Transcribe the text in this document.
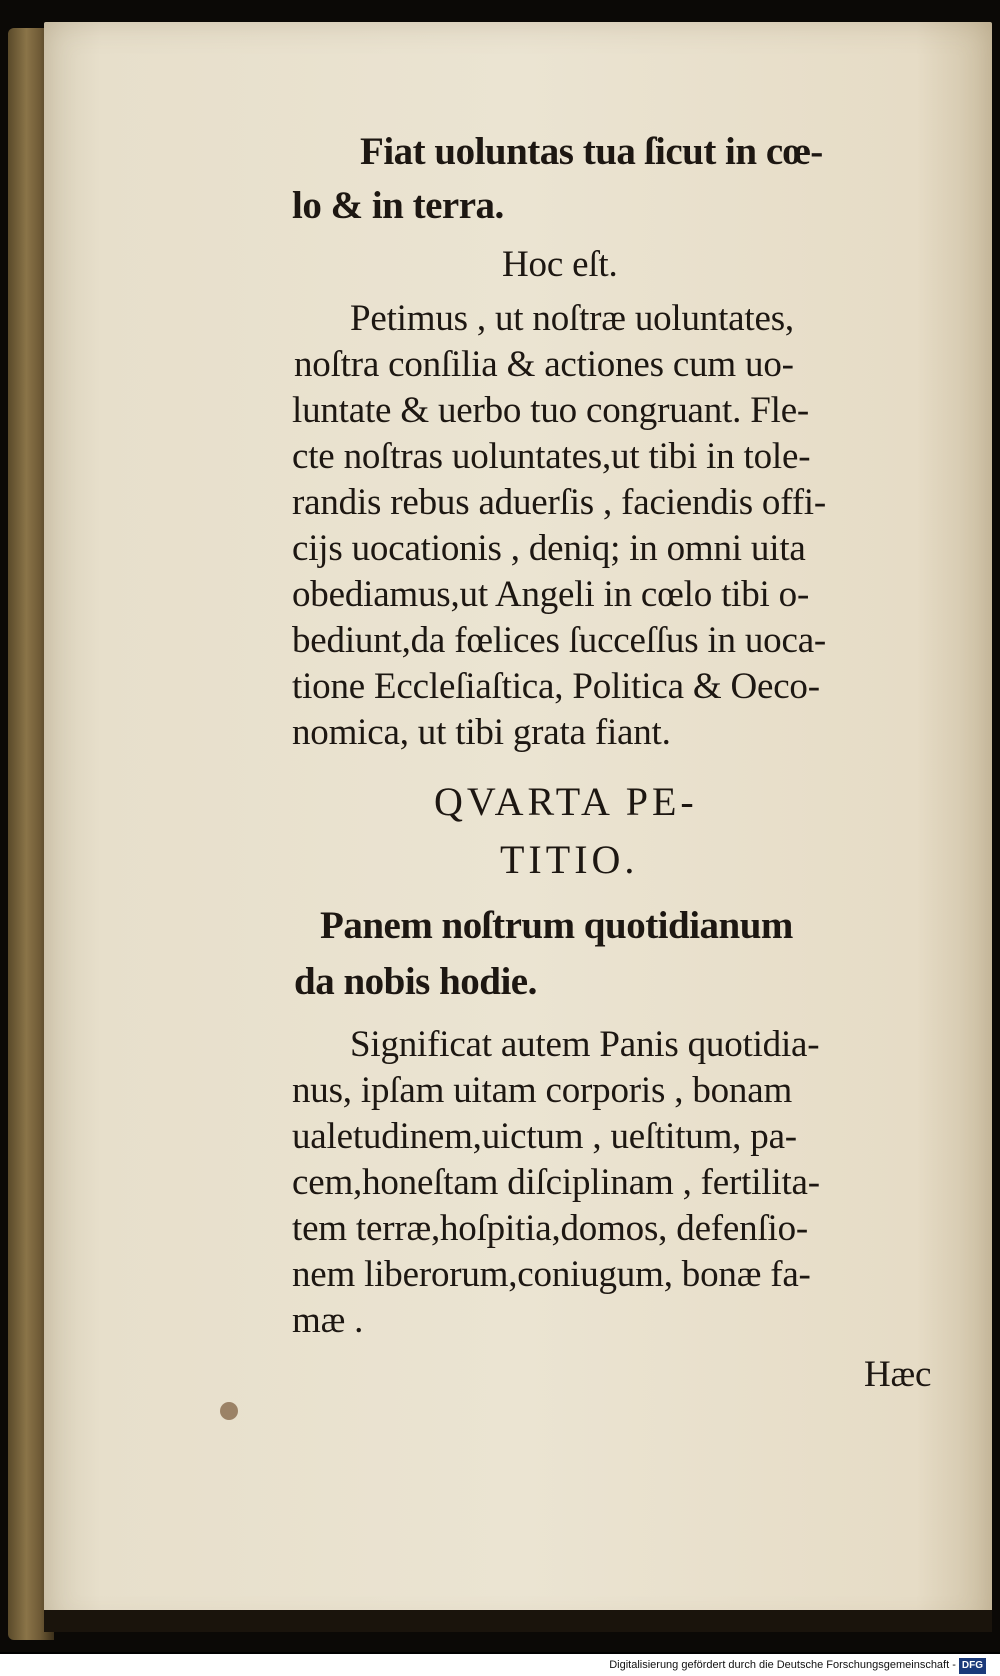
Fiat uoluntas tua ſicut in cœ-
lo & in terra.
Hoc eſt.
Petimus , ut noſtræ uoluntates,
noſtra conſilia & actiones cum uo-
luntate & uerbo tuo congruant. Fle-
cte noſtras uoluntates,ut tibi in tole-
randis rebus aduerſis , faciendis offi-
cijs uocationis , deniq; in omni uita
obediamus,ut Angeli in cœlo tibi o-
bediunt,da fœlices ſucceſſus in uoca-
tione Eccleſiaſtica, Politica & Oeco-
nomica, ut tibi grata fiant.
QVARTA PE-
TITIO.
Panem noſtrum quotidianum
da nobis hodie.
Significat autem Panis quotidia-
nus, ipſam uitam corporis , bonam
ualetudinem,uictum , ueſtitum, pa-
cem,honeſtam diſciplinam , fertilita-
tem terræ,hoſpitia,domos, defenſio-
nem liberorum,coniugum, bonæ fa-
mæ .
Hæc
Digitalisierung gefördert durch die Deutsche Forschungsgemeinschaft - DFG
